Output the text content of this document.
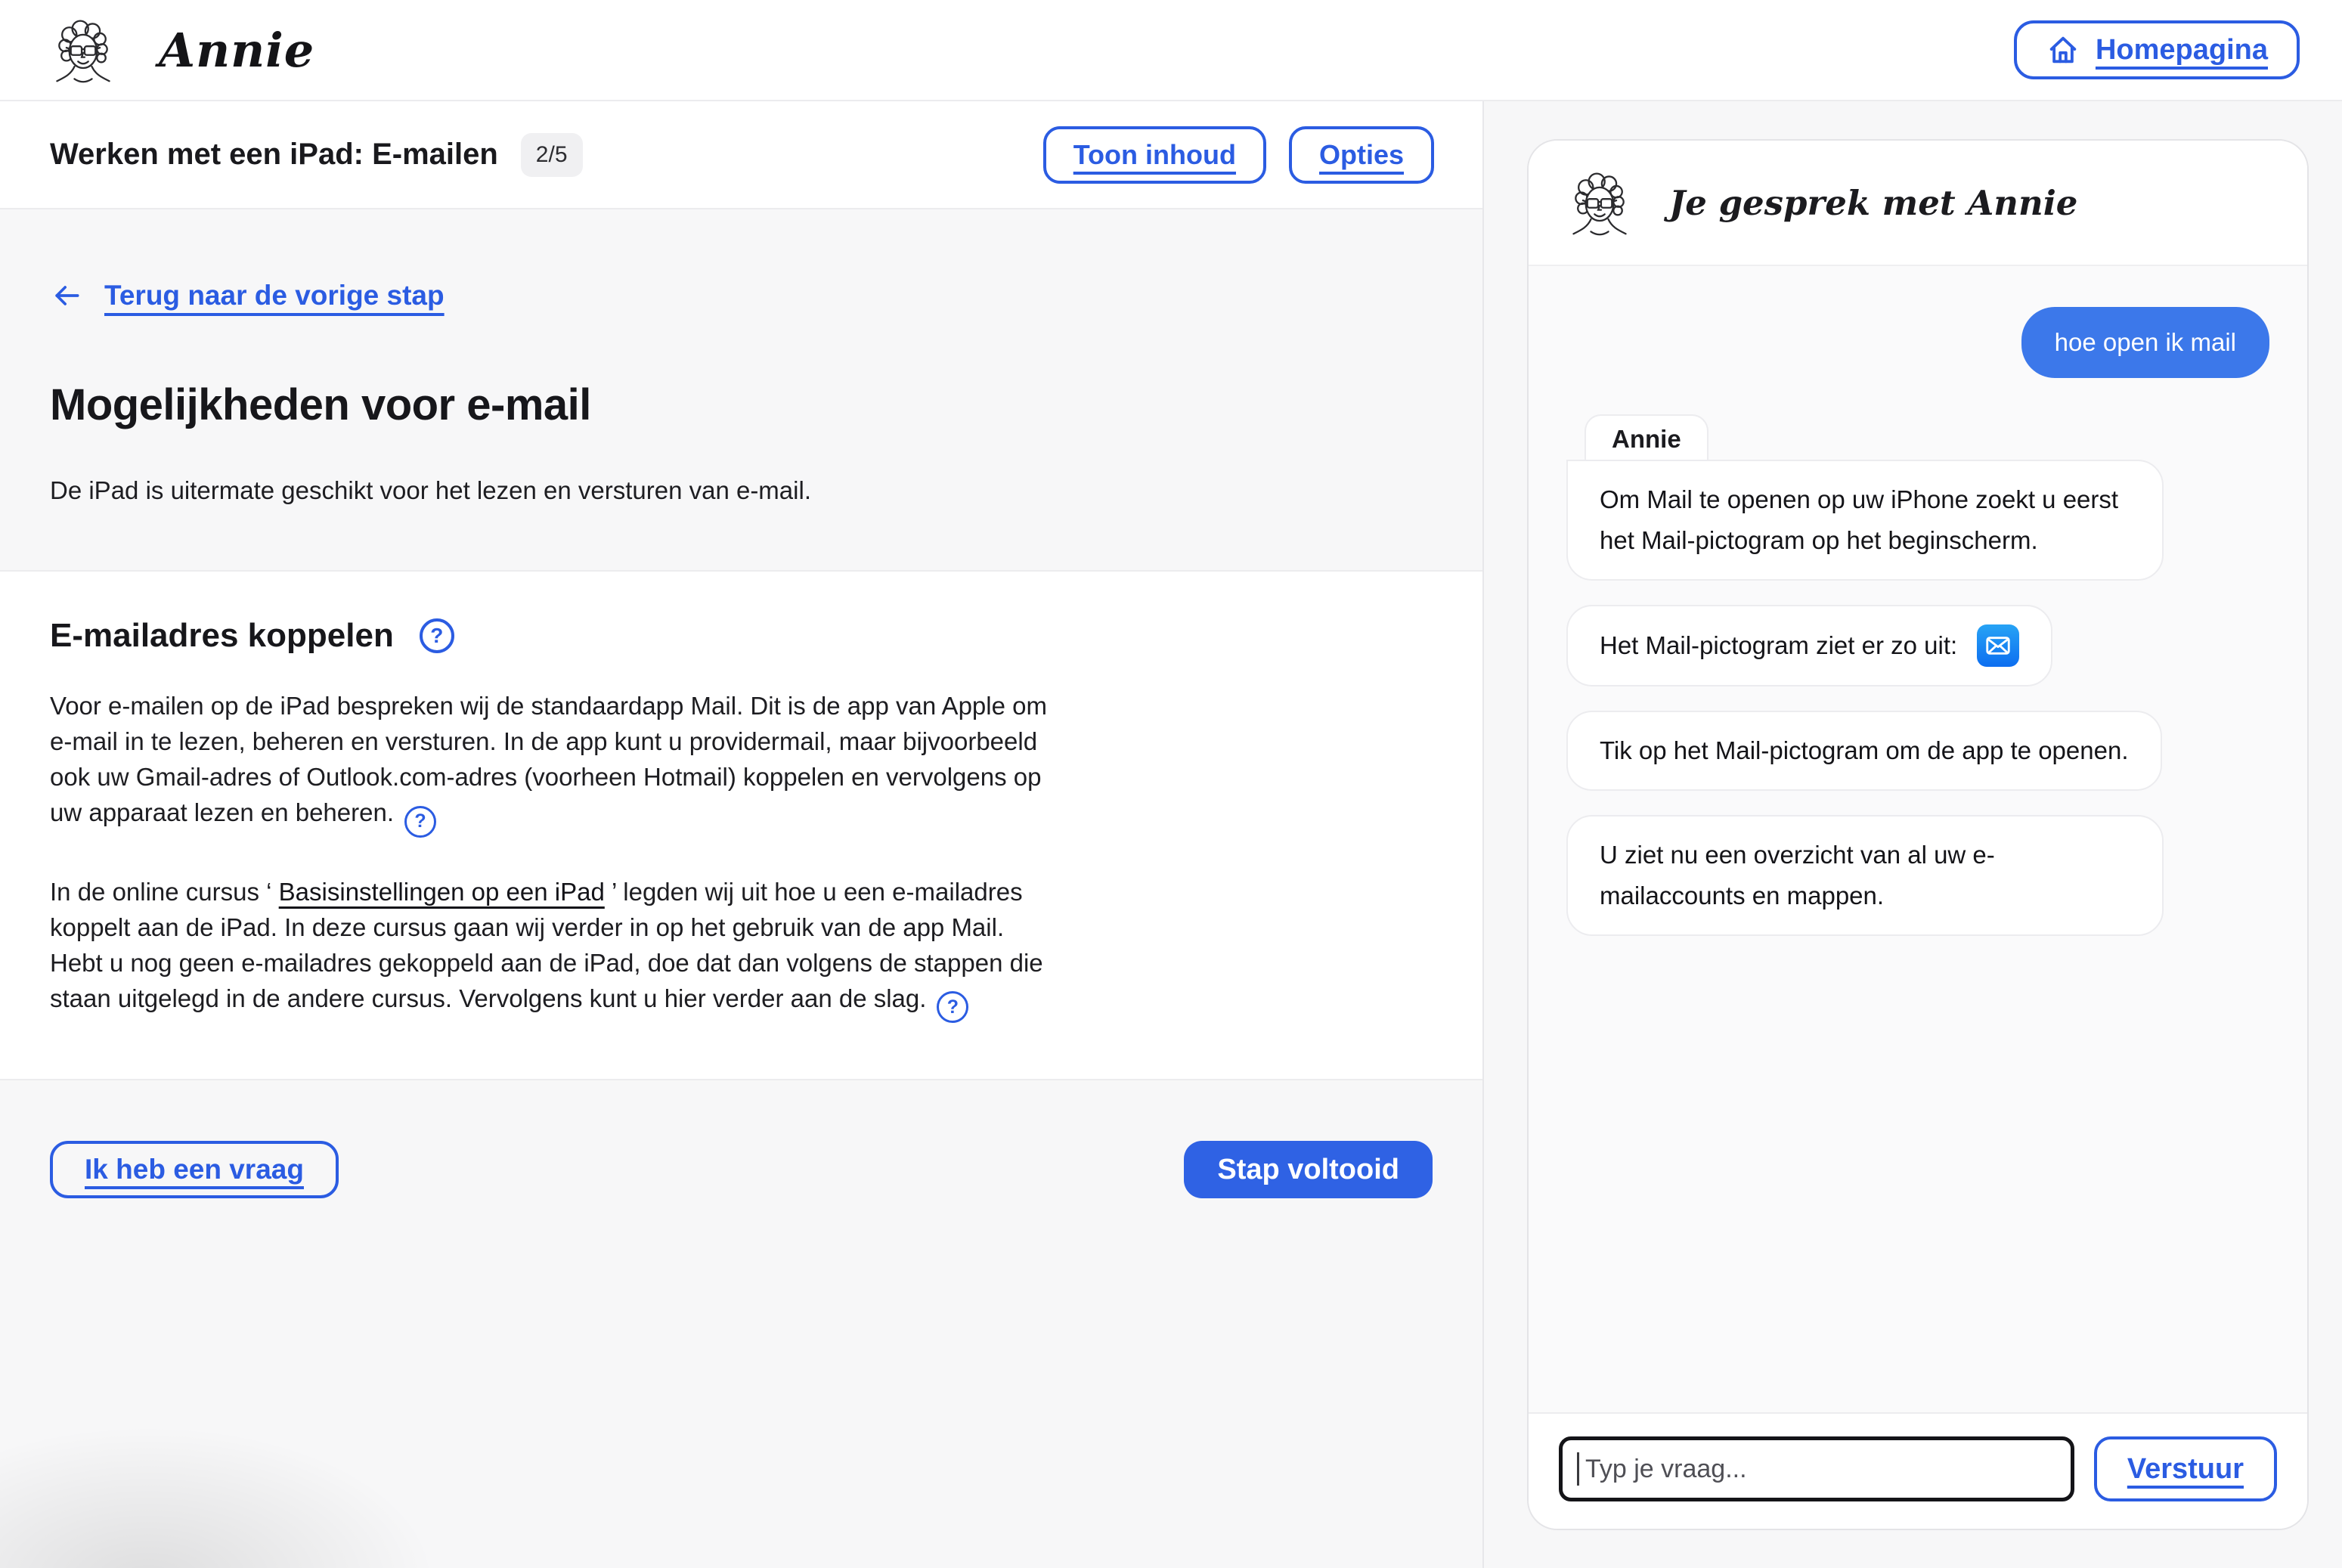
Annie	Homepagina
Werken met een iPad: E-mailen	2/5	Toon inhoud	Opties
Terug naar de vorige stap
Mogelijkheden voor e-mail

De iPad is uitermate geschikt voor het lezen en versturen van e-mail.

E-mailadres koppelen	?

Voor e-mailen op de iPad bespreken wij de standaardapp Mail. Dit is de app van Apple om e-mail in te lezen, beheren en versturen. In de app kunt u providermail, maar bijvoorbeeld ook uw Gmail-adres of Outlook.com-adres (voorheen Hotmail) koppelen en vervolgens op uw apparaat lezen en beheren. ?

In de online cursus ‘ Basisinstellingen op een iPad ’ legden wij uit hoe u een e-mailadres koppelt aan de iPad. In deze cursus gaan wij verder in op het gebruik van de app Mail. Hebt u nog geen e-mailadres gekoppeld aan de iPad, doe dat dan volgens de stappen die staan uitgelegd in de andere cursus. Vervolgens kunt u hier verder aan de slag. ?

Ik heb een vraag	Stap voltooid
Je gesprek met Annie
hoe open ik mail
Annie
Om Mail te openen op uw iPhone zoekt u eerst het Mail-pictogram op het beginscherm.
Het Mail-pictogram ziet er zo uit:
Tik op het Mail-pictogram om de app te openen.
U ziet nu een overzicht van al uw e-mailaccounts en mappen.
Typ je vraag...
Verstuur
